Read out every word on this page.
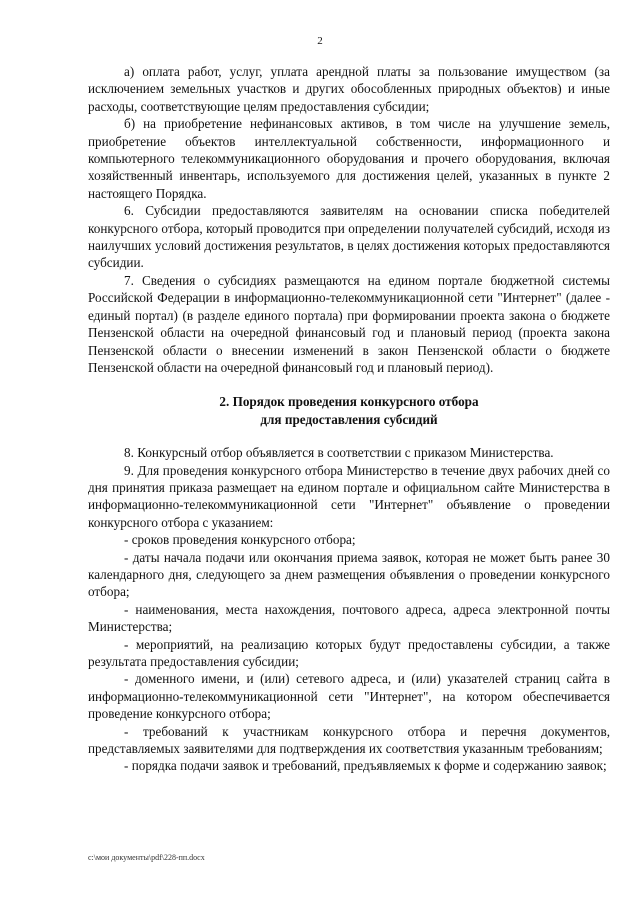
2

а) оплата работ, услуг, уплата арендной платы за пользование имуществом (за исключением земельных участков и других обособленных природных объектов) и иные расходы, соответствующие целям предоставления субсидии;

б) на приобретение нефинансовых активов, в том числе на улучшение земель, приобретение объектов интеллектуальной собственности, информационного и компьютерного телекоммуникационного оборудования и прочего оборудования, включая хозяйственный инвентарь, используемого для достижения целей, указанных в пункте 2 настоящего Порядка.

6. Субсидии предоставляются заявителям на основании списка победителей конкурсного отбора, который проводится при определении получателей субсидий, исходя из наилучших условий достижения результатов, в целях достижения которых предоставляются субсидии.

7. Сведения о субсидиях размещаются на едином портале бюджетной системы Российской Федерации в информационно-телекоммуникационной сети "Интернет" (далее - единый портал) (в разделе единого портала) при формировании проекта закона о бюджете Пензенской области на очередной финансовый год и плановый период (проекта закона Пензенской области о внесении изменений в закон Пензенской области о бюджете Пензенской области на очередной финансовый год и плановый период).

2. Порядок проведения конкурсного отбора
для предоставления субсидий

8. Конкурсный отбор объявляется в соответствии с приказом Министерства.

9. Для проведения конкурсного отбора Министерство в течение двух рабочих дней со дня принятия приказа размещает на едином портале и официальном сайте Министерства в информационно-телекоммуникационной сети "Интернет" объявление о проведении конкурсного отбора с указанием:

- сроков проведения конкурсного отбора;

- даты начала подачи или окончания приема заявок, которая не может быть ранее 30 календарного дня, следующего за днем размещения объявления о проведении конкурсного отбора;

- наименования, места нахождения, почтового адреса, адреса электронной почты Министерства;

- мероприятий, на реализацию которых будут предоставлены субсидии, а также результата предоставления субсидии;

- доменного имени, и (или) сетевого адреса, и (или) указателей страниц сайта в информационно-телекоммуникационной сети "Интернет", на котором обеспечивается проведение конкурсного отбора;

- требований к участникам конкурсного отбора и перечня документов, представляемых заявителями для подтверждения их соответствия указанным требованиям;

- порядка подачи заявок и требований, предъявляемых к форме и содержанию заявок;

c:\мои документы\pdf\228-пп.docx
